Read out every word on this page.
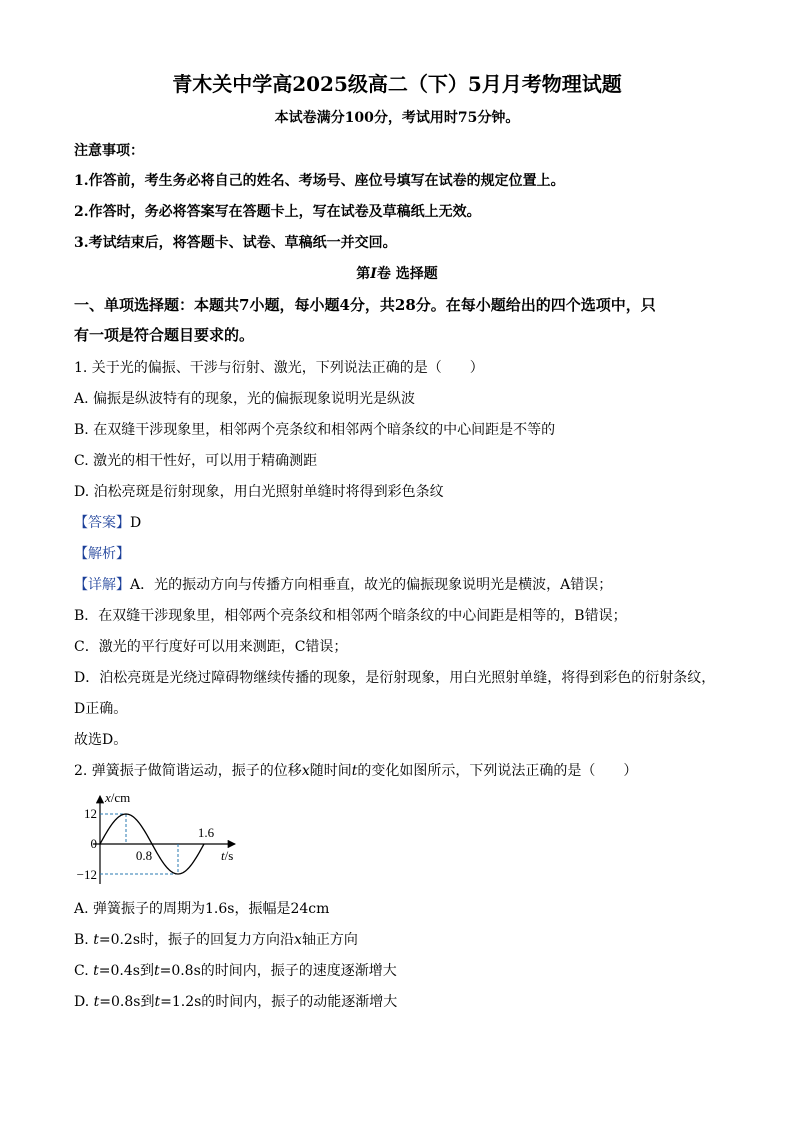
青木关中学高2025级高二（下）5月月考物理试题
本试卷满分100分，考试用时75分钟。
注意事项：
1.作答前，考生务必将自己的姓名、考场号、座位号填写在试卷的规定位置上。
2.作答时，务必将答案写在答题卡上，写在试卷及草稿纸上无效。
3.考试结束后，将答题卡、试卷、草稿纸一并交回。
第I卷 选择题
一、单项选择题：本题共7小题，每小题4分，共28分。在每小题给出的四个选项中，只
有一项是符合题目要求的。
1. 关于光的偏振、干涉与衍射、激光，下列说法正确的是（　　）
A. 偏振是纵波特有的现象，光的偏振现象说明光是纵波
B. 在双缝干涉现象里，相邻两个亮条纹和相邻两个暗条纹的中心间距是不等的
C. 激光的相干性好，可以用于精确测距
D. 泊松亮斑是衍射现象，用白光照射单缝时将得到彩色条纹
【答案】D
【解析】
【详解】A．光的振动方向与传播方向相垂直，故光的偏振现象说明光是横波，A错误；
B．在双缝干涉现象里，相邻两个亮条纹和相邻两个暗条纹的中心间距是相等的，B错误；
C．激光的平行度好可以用来测距，C错误；
D．泊松亮斑是光绕过障碍物继续传播的现象，是衍射现象，用白光照射单缝，将得到彩色的衍射条纹，
D正确。
故选D。
2. 弹簧振子做简谐运动，振子的位移x随时间t的变化如图所示，下列说法正确的是（　　）
x/cm
12
0
−12
0.8
1.6
t/s
A. 弹簧振子的周期为1.6s，振幅是24cm
B. t=0.2s时，振子的回复力方向沿x轴正方向
C. t=0.4s到t=0.8s的时间内，振子的速度逐渐增大
D. t=0.8s到t=1.2s的时间内，振子的动能逐渐增大
